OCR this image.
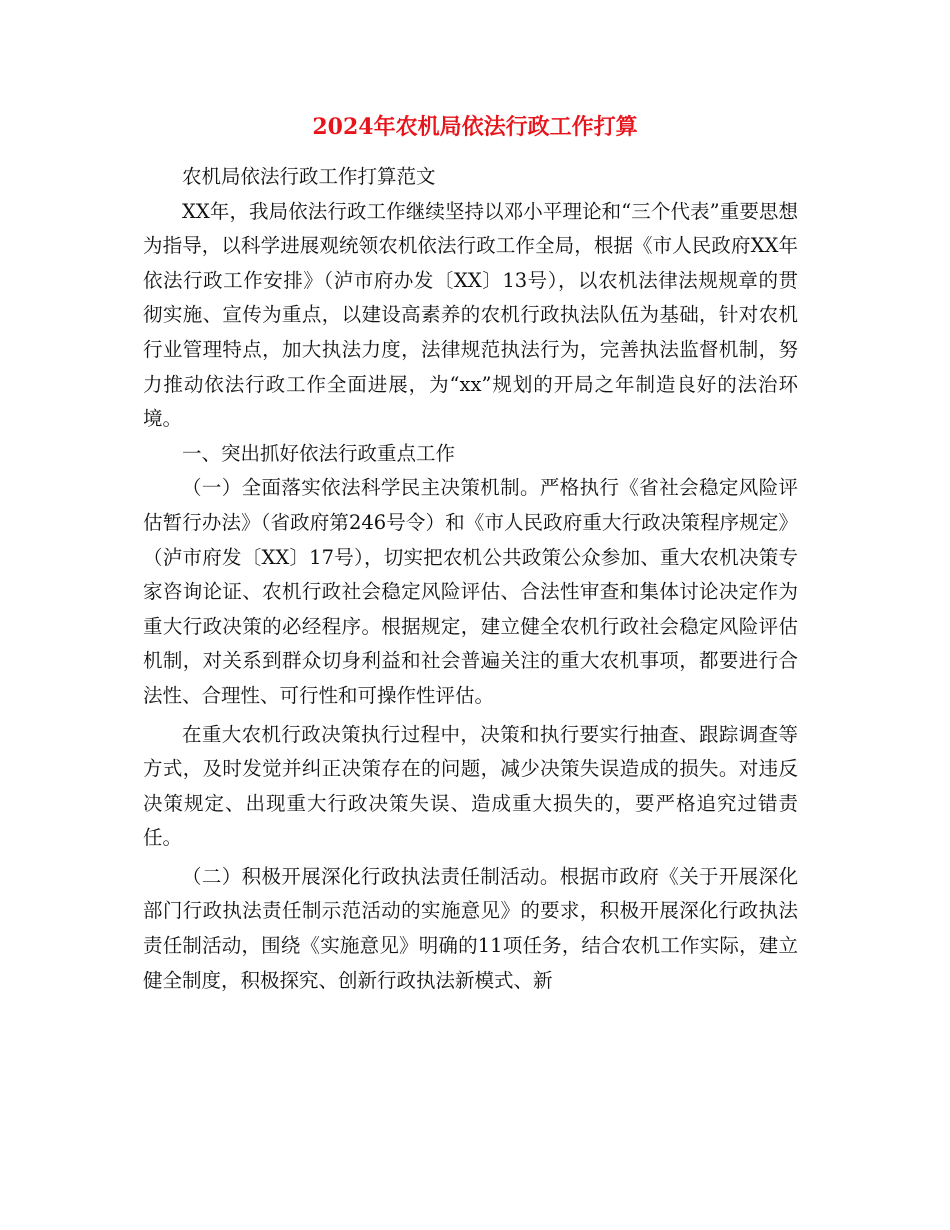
2024年农机局依法行政工作打算

农机局依法行政工作打算范文

XX年，我局依法行政工作继续坚持以邓小平理论和“三个代表”重要思想为指导，以科学进展观统领农机依法行政工作全局，根据《市人民政府XX年依法行政工作安排》（泸市府办发〔XX〕13号），以农机法律法规规章的贯彻实施、宣传为重点，以建设高素养的农机行政执法队伍为基础，针对农机行业管理特点，加大执法力度，法律规范执法行为，完善执法监督机制，努力推动依法行政工作全面进展，为“xx”规划的开局之年制造良好的法治环境。

一、突出抓好依法行政重点工作

（一）全面落实依法科学民主决策机制。严格执行《省社会稳定风险评估暂行办法》（省政府第246号令）和《市人民政府重大行政决策程序规定》（泸市府发〔XX〕17号），切实把农机公共政策公众参加、重大农机决策专家咨询论证、农机行政社会稳定风险评估、合法性审查和集体讨论决定作为重大行政决策的必经程序。根据规定，建立健全农机行政社会稳定风险评估机制，对关系到群众切身利益和社会普遍关注的重大农机事项，都要进行合法性、合理性、可行性和可操作性评估。

在重大农机行政决策执行过程中，决策和执行要实行抽查、跟踪调查等方式，及时发觉并纠正决策存在的问题，减少决策失误造成的损失。对违反决策规定、出现重大行政决策失误、造成重大损失的，要严格追究过错责任。

（二）积极开展深化行政执法责任制活动。根据市政府《关于开展深化部门行政执法责任制示范活动的实施意见》的要求，积极开展深化行政执法责任制活动，围绕《实施意见》明确的11项任务，结合农机工作实际，建立健全制度，积极探究、创新行政执法新模式、新
